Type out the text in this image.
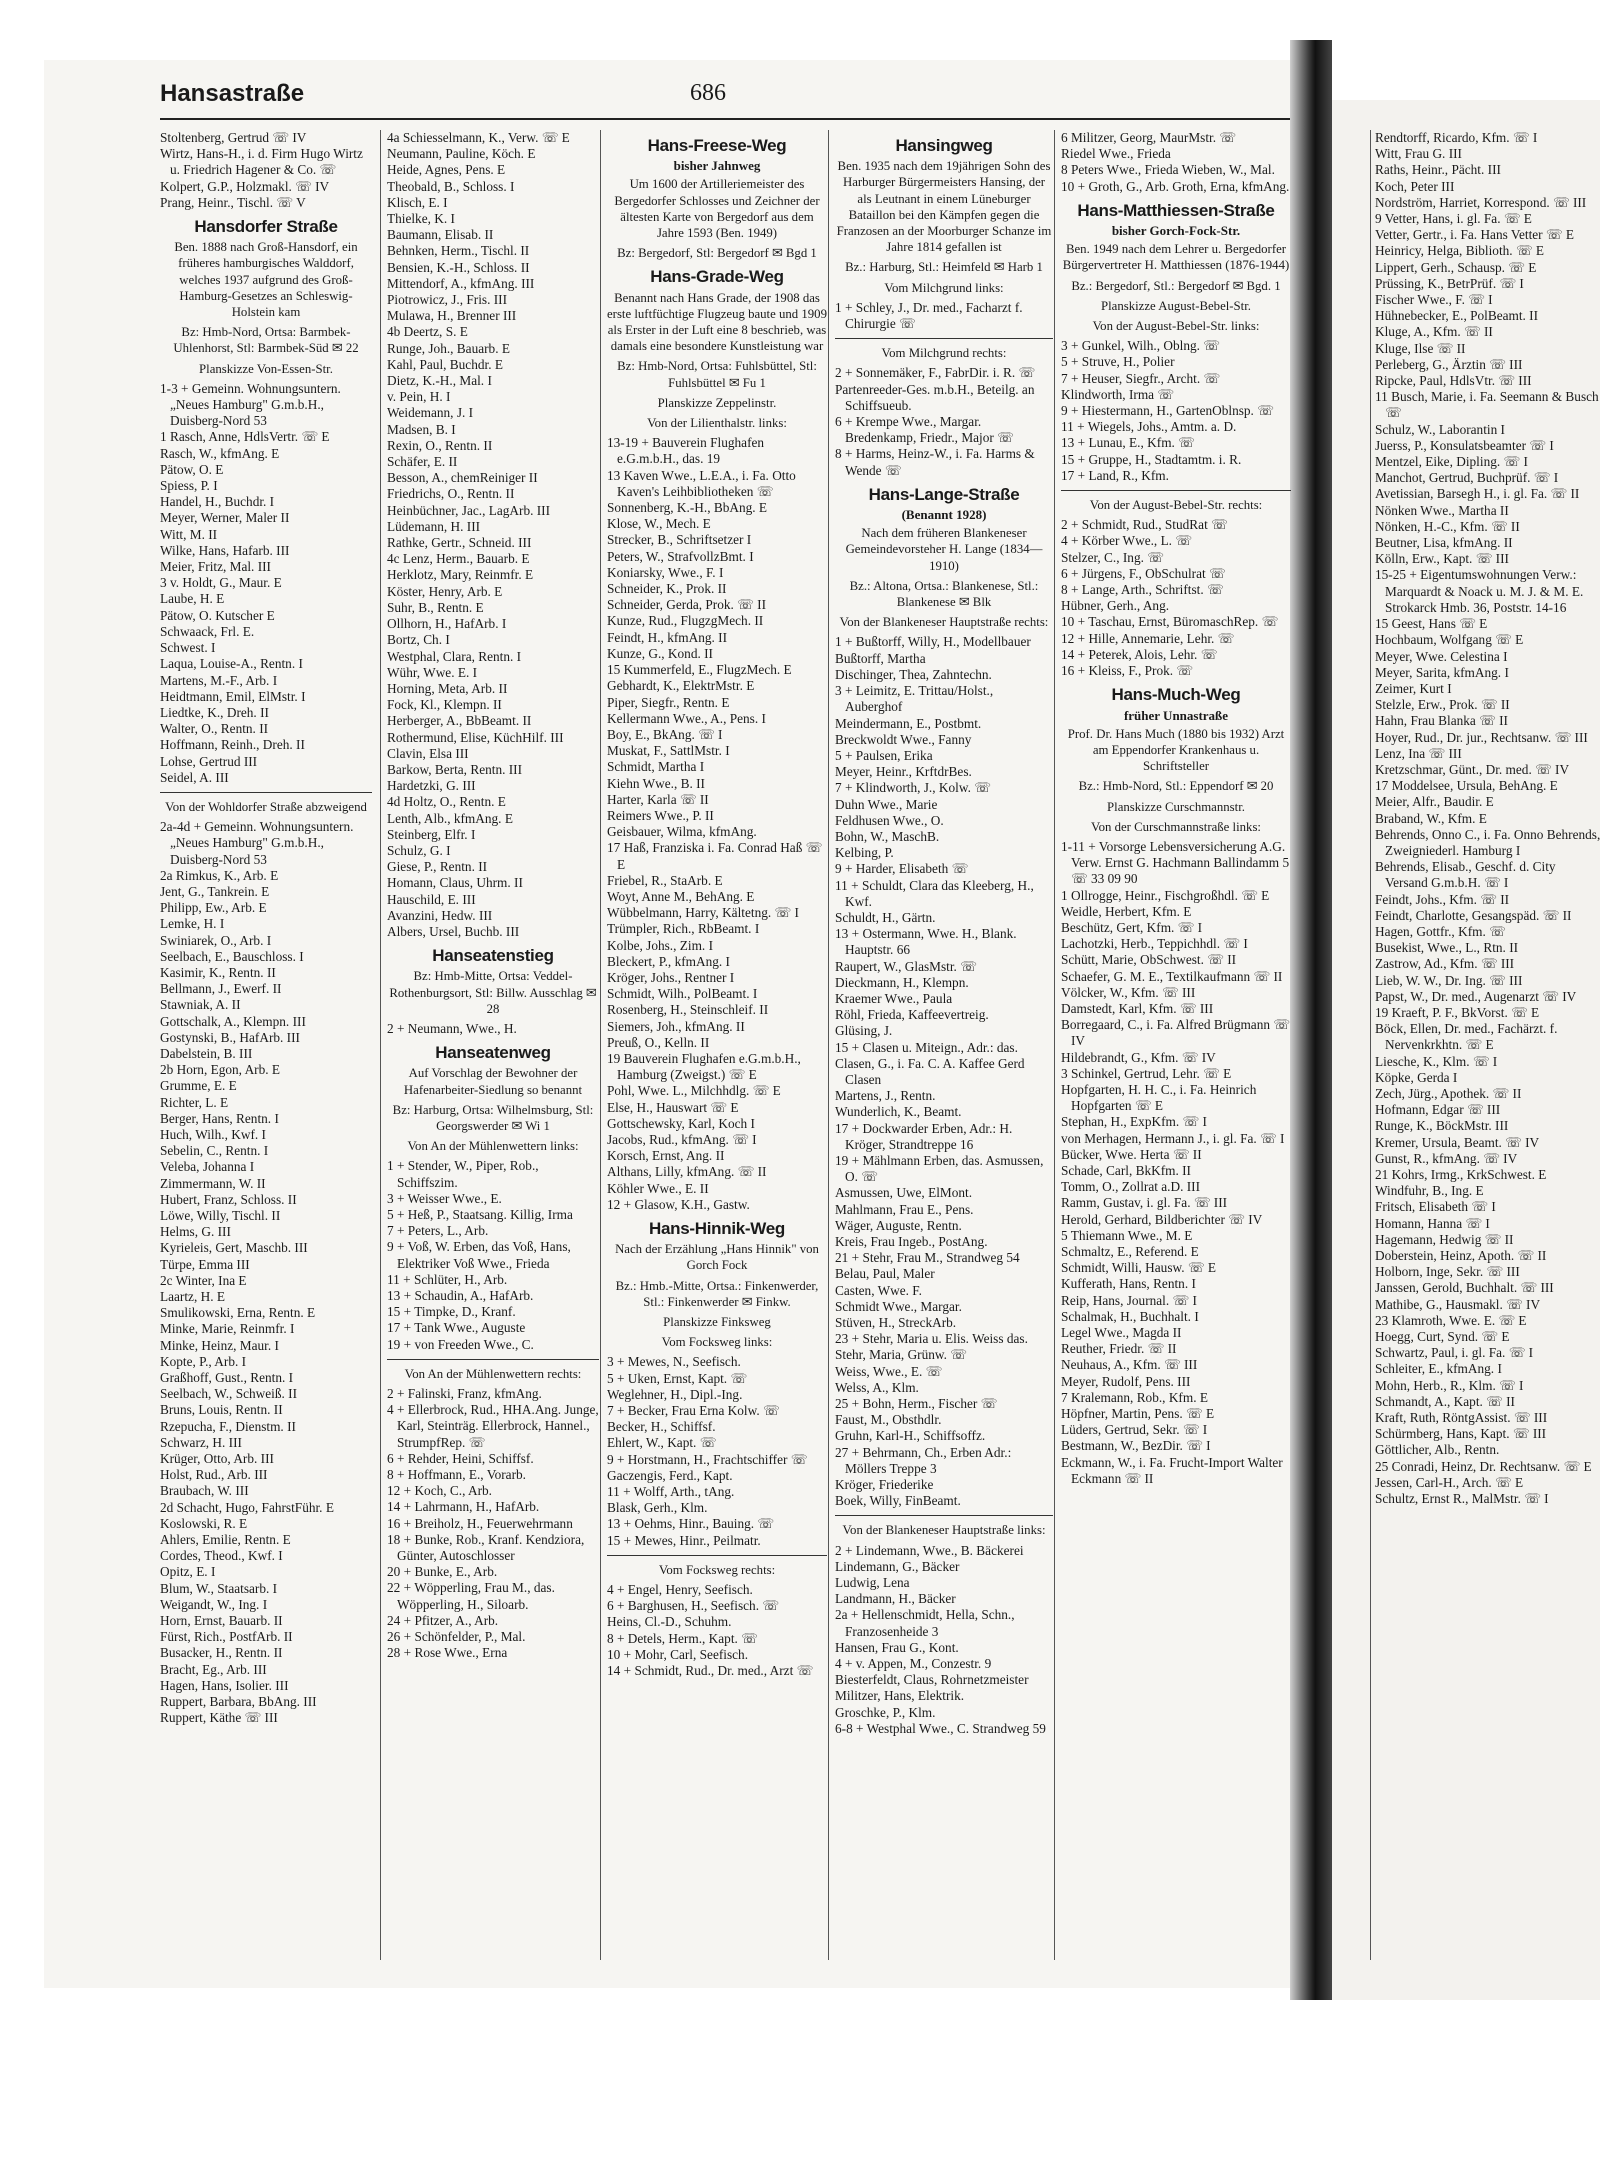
Hansastraße	686
Stoltenberg, Gertrud ☏ IV
Wirtz, Hans-H., i. d. Firm Hugo Wirtz u. Friedrich Hagener & Co. ☏
Kolpert, G.P., Holzmakl. ☏ IV
Prang, Heinr., Tischl. ☏ V
Hansdorfer Straße
Ben. 1888 nach Groß-Hansdorf, ein früheres hamburgisches Walddorf, welches 1937 aufgrund des Groß-Hamburg-Gesetzes an Schleswig-Holstein kam
Bz: Hmb-Nord, Ortsa: Barmbek-Uhlenhorst, Stl: Barmbek-Süd ✉ 22
Planskizze Von-Essen-Str.
1-3 + Gemeinn. Wohnungsuntern. „Neues Hamburg" G.m.b.H., Duisberg-Nord 53
1 Rasch, Anne, HdlsVertr. ☏ E
Rasch, W., kfmAng. E
Pätow, O. E
Spiess, P. I
Handel, H., Buchdr. I
Meyer, Werner, Maler II
Witt, M. II
Wilke, Hans, Hafarb. III
Meier, Fritz, Mal. III
3 v. Holdt, G., Maur. E
Laube, H. E
Pätow, O. Kutscher E
Schwaack, Frl. E.
Schwest. I
Laqua, Louise-A., Rentn. I
Martens, M.-F., Arb. I
Heidtmann, Emil, ElMstr. I
Liedtke, K., Dreh. II
Walter, O., Rentn. II
Hoffmann, Reinh., Dreh. II
Lohse, Gertrud III
Seidel, A. III
Von der Wohldorfer Straße abzweigend
2a-4d + Gemeinn. Wohnungsuntern. „Neues Hamburg" G.m.b.H., Duisberg-Nord 53
2a Rimkus, K., Arb. E
Jent, G., Tankrein. E
Philipp, Ew., Arb. E
Lemke, H. I
Swiniarek, O., Arb. I
Seelbach, E., Bauschloss. I
Kasimir, K., Rentn. II
Bellmann, J., Ewerf. II
Stawniak, A. II
Gottschalk, A., Klempn. III
Gostynski, B., HafArb. III
Dabelstein, B. III
2b Horn, Egon, Arb. E
Grumme, E. E
Richter, L. E
Berger, Hans, Rentn. I
Huch, Wilh., Kwf. I
Sebelin, C., Rentn. I
Veleba, Johanna I
Zimmermann, W. II
Hubert, Franz, Schloss. II
Löwe, Willy, Tischl. II
Helms, G. III
Kyrieleis, Gert, Maschb. III
Türpe, Emma III
2c Winter, Ina E
Laartz, H. E
Smulikowski, Erna, Rentn. E
Minke, Marie, Reinmfr. I
Minke, Heinz, Maur. I
Kopte, P., Arb. I
Graßhoff, Gust., Rentn. I
Seelbach, W., Schweiß. II
Bruns, Louis, Rentn. II
Rzepucha, F., Dienstm. II
Schwarz, H. III
Krüger, Otto, Arb. III
Holst, Rud., Arb. III
Braubach, W. III
2d Schacht, Hugo, FahrstFühr. E
Koslowski, R. E
Ahlers, Emilie, Rentn. E
Cordes, Theod., Kwf. I
Opitz, E. I
Blum, W., Staatsarb. I
Weigandt, W., Ing. I
Horn, Ernst, Bauarb. II
Fürst, Rich., PostfArb. II
Busacker, H., Rentn. II
Bracht, Eg., Arb. III
Hagen, Hans, Isolier. III
Ruppert, Barbara, BbAng. III
Ruppert, Käthe ☏ III
4a Schiesselmann, K., Verw. ☏ E
Neumann, Pauline, Köch. E
Heide, Agnes, Pens. E
Theobald, B., Schloss. I
Klisch, E. I
Thielke, K. I
Baumann, Elisab. II
Behnken, Herm., Tischl. II
Bensien, K.-H., Schloss. II
Mittendorf, A., kfmAng. III
Piotrowicz, J., Fris. III
Mulawa, H., Brenner III
4b Deertz, S. E
Runge, Joh., Bauarb. E
Kahl, Paul, Buchdr. E
Dietz, K.-H., Mal. I
v. Pein, H. I
Weidemann, J. I
Madsen, B. I
Rexin, O., Rentn. II
Schäfer, E. II
Besson, A., chemReiniger II
Friedrichs, O., Rentn. II
Heinbüchner, Jac., LagArb. III
Lüdemann, H. III
Rathke, Gertr., Schneid. III
4c Lenz, Herm., Bauarb. E
Herklotz, Mary, Reinmfr. E
Köster, Henry, Arb. E
Suhr, B., Rentn. E
Ollhorn, H., HafArb. I
Bortz, Ch. I
Westphal, Clara, Rentn. I
Wühr, Wwe. E. I
Horning, Meta, Arb. II
Fock, Kl., Klempn. II
Herberger, A., BbBeamt. II
Rothermund, Elise, KüchHilf. III
Clavin, Elsa III
Barkow, Berta, Rentn. III
Hardetzki, G. III
4d Holtz, O., Rentn. E
Lenth, Alb., kfmAng. E
Steinberg, Elfr. I
Schulz, G. I
Giese, P., Rentn. II
Homann, Claus, Uhrm. II
Hauschild, E. III
Avanzini, Hedw. III
Albers, Ursel, Buchb. III
Hanseatenstieg
Bz: Hmb-Mitte, Ortsa: Veddel-Rothenburgsort, Stl: Billw. Ausschlag ✉ 28
2 + Neumann, Wwe., H.
Hanseatenweg
Auf Vorschlag der Bewohner der Hafenarbeiter-Siedlung so benannt
Bz: Harburg, Ortsa: Wilhelmsburg, Stl: Georgswerder ✉ Wi 1
Von An der Mühlenwettern links:
1 + Stender, W., Piper, Rob., Schiffszim.
3 + Weisser Wwe., E.
5 + Heß, P., Staatsang. Killig, Irma
7 + Peters, L., Arb.
9 + Voß, W. Erben, das Voß, Hans, Elektriker Voß Wwe., Frieda
11 + Schlüter, H., Arb.
13 + Schaudin, A., HafArb.
15 + Timpke, D., Kranf.
17 + Tank Wwe., Auguste
19 + von Freeden Wwe., C.
Von An der Mühlenwettern rechts:
2 + Falinski, Franz, kfmAng.
4 + Ellerbrock, Rud., HHA.Ang. Junge, Karl, Steinträg. Ellerbrock, Hannel., StrumpfRep. ☏
6 + Rehder, Heini, Schiffsf.
8 + Hoffmann, E., Vorarb.
12 + Koch, C., Arb.
14 + Lahrmann, H., HafArb.
16 + Breiholz, H., Feuerwehrmann
18 + Bunke, Rob., Kranf. Kendziora, Günter, Autoschlosser
20 + Bunke, E., Arb.
22 + Wöpperling, Frau M., das. Wöpperling, H., Siloarb.
24 + Pfitzer, A., Arb.
26 + Schönfelder, P., Mal.
28 + Rose Wwe., Erna
Hans-Freese-Weg
bisher Jahnweg
Um 1600 der Artilleriemeister des Bergedorfer Schlosses und Zeichner der ältesten Karte von Bergedorf aus dem Jahre 1593 (Ben. 1949)
Bz: Bergedorf, Stl: Bergedorf ✉ Bgd 1
Hans-Grade-Weg
Benannt nach Hans Grade, der 1908 das erste luftfüchtige Flugzeug baute und 1909 als Erster in der Luft eine 8 beschrieb, was damals eine besondere Kunstleistung war
Bz: Hmb-Nord, Ortsa: Fuhlsbüttel, Stl: Fuhlsbüttel ✉ Fu 1
Planskizze Zeppelinstr.
Von der Lilienthalstr. links:
13-19 + Bauverein Flughafen e.G.m.b.H., das. 19
13 Kaven Wwe., L.E.A., i. Fa. Otto Kaven's Leihbibliotheken ☏
Sonnenberg, K.-H., BbAng. E
Klose, W., Mech. E
Strecker, B., Schriftsetzer I
Peters, W., StrafvollzBmt. I
Koniarsky, Wwe., F. I
Schneider, K., Prok. II
Schneider, Gerda, Prok. ☏ II
Kunze, Rud., FlugzgMech. II
Feindt, H., kfmAng. II
Kunze, G., Kond. II
15 Kummerfeld, E., FlugzMech. E
Gebhardt, K., ElektrMstr. E
Piper, Siegfr., Rentn. E
Kellermann Wwe., A., Pens. I
Boy, E., BkAng. ☏ I
Muskat, F., SattlMstr. I
Schmidt, Martha I
Kiehn Wwe., B. II
Harter, Karla ☏ II
Reimers Wwe., P. II
Geisbauer, Wilma, kfmAng.
17 Haß, Franziska i. Fa. Conrad Haß ☏ E
Friebel, R., StaArb. E
Woyt, Anne M., BehAng. E
Wübbelmann, Harry, Kältetng. ☏ I
Trümpler, Rich., RbBeamt. I
Kolbe, Johs., Zim. I
Bleckert, P., kfmAng. I
Kröger, Johs., Rentner I
Schmidt, Wilh., PolBeamt. I
Rosenberg, H., Steinschleif. II
Siemers, Joh., kfmAng. II
Preuß, O., Kelln. II
19 Bauverein Flughafen e.G.m.b.H., Hamburg (Zweigst.) ☏ E
Pohl, Wwe. L., Milchhdlg. ☏ E
Else, H., Hauswart ☏ E
Gottschewsky, Karl, Koch I
Jacobs, Rud., kfmAng. ☏ I
Korsch, Ernst, Ang. II
Althans, Lilly, kfmAng. ☏ II
Köhler Wwe., E. II
12 + Glasow, K.H., Gastw.
Hans-Hinnik-Weg
Nach der Erzählung „Hans Hinnik" von Gorch Fock
Bz.: Hmb.-Mitte, Ortsa.: Finkenwerder, Stl.: Finkenwerder ✉ Finkw.
Planskizze Finksweg
Vom Focksweg links:
3 + Mewes, N., Seefisch.
5 + Uken, Ernst, Kapt. ☏
Weglehner, H., Dipl.-Ing.
7 + Becker, Frau Erna Kolw. ☏
Becker, H., Schiffsf.
Ehlert, W., Kapt. ☏
9 + Horstmann, H., Frachtschiffer ☏
Gaczengis, Ferd., Kapt.
11 + Wolff, Arth., tAng.
Blask, Gerh., Klm.
13 + Oehms, Hinr., Bauing. ☏
15 + Mewes, Hinr., Peilmatr.
Vom Focksweg rechts:
4 + Engel, Henry, Seefisch.
6 + Barghusen, H., Seefisch. ☏
Heins, Cl.-D., Schuhm.
8 + Detels, Herm., Kapt. ☏
10 + Mohr, Carl, Seefisch.
14 + Schmidt, Rud., Dr. med., Arzt ☏
Hansingweg
Ben. 1935 nach dem 19jährigen Sohn des Harburger Bürgermeisters Hansing, der als Leutnant in einem Lüneburger Bataillon bei den Kämpfen gegen die Franzosen an der Moorburger Schanze im Jahre 1814 gefallen ist
Bz.: Harburg, Stl.: Heimfeld ✉ Harb 1
Vom Milchgrund links:
1 + Schley, J., Dr. med., Facharzt f. Chirurgie ☏
Vom Milchgrund rechts:
2 + Sonnemäker, F., FabrDir. i. R. ☏
Partenreeder-Ges. m.b.H., Beteilg. an Schiffsueub.
6 + Krempe Wwe., Margar. Bredenkamp, Friedr., Major ☏
8 + Harms, Heinz-W., i. Fa. Harms & Wende ☏
Hans-Lange-Straße
(Benannt 1928)
Nach dem früheren Blankeneser Gemeindevorsteher H. Lange (1834—1910)
Bz.: Altona, Ortsa.: Blankenese, Stl.: Blankenese ✉ Blk
Von der Blankeneser Hauptstraße rechts:
1 + Bußtorff, Willy, H., Modellbauer
Bußtorff, Martha
Dischinger, Thea, Zahntechn.
3 + Leimitz, E. Trittau/Holst., Auberghof
Meindermann, E., Postbmt.
Breckwoldt Wwe., Fanny
5 + Paulsen, Erika
Meyer, Heinr., KrftdrBes.
7 + Klindworth, J., Kolw. ☏
Duhn Wwe., Marie
Feldhusen Wwe., O.
Bohn, W., MaschB.
Kelbing, P.
9 + Harder, Elisabeth ☏
11 + Schuldt, Clara das Kleeberg, H., Kwf.
Schuldt, H., Gärtn.
13 + Ostermann, Wwe. H., Blank. Hauptstr. 66
Raupert, W., GlasMstr. ☏
Dieckmann, H., Klempn.
Kraemer Wwe., Paula
Röhl, Frieda, Kaffeevertreig.
Glüsing, J.
15 + Clasen u. Miteign., Adr.: das.
Clasen, G., i. Fa. C. A. Kaffee Gerd Clasen
Martens, J., Rentn.
Wunderlich, K., Beamt.
17 + Dockwarder Erben, Adr.: H. Kröger, Strandtreppe 16
19 + Mählmann Erben, das. Asmussen, O. ☏
Asmussen, Uwe, ElMont.
Mahlmann, Frau E., Pens.
Wäger, Auguste, Rentn.
Kreis, Frau Ingeb., PostAng.
21 + Stehr, Frau M., Strandweg 54
Belau, Paul, Maler
Casten, Wwe. F.
Schmidt Wwe., Margar.
Stüven, H., StreckArb.
23 + Stehr, Maria u. Elis. Weiss das.
Stehr, Maria, Grünw. ☏
Weiss, Wwe., E. ☏
Welss, A., Klm.
25 + Bohn, Herm., Fischer ☏
Faust, M., Obsthdlr.
Gruhn, Karl-H., Schiffsoffz.
27 + Behrmann, Ch., Erben Adr.: Möllers Treppe 3
Kröger, Friederike
Boek, Willy, FinBeamt.
Von der Blankeneser Hauptstraße links:
2 + Lindemann, Wwe., B. Bäckerei
Lindemann, G., Bäcker
Ludwig, Lena
Landmann, H., Bäcker
2a + Hellenschmidt, Hella, Schn., Franzosenheide 3
Hansen, Frau G., Kont.
4 + v. Appen, M., Conzestr. 9
Biesterfeldt, Claus, Rohrnetzmeister
Militzer, Hans, Elektrik.
Groschke, P., Klm.
6-8 + Westphal Wwe., C. Strandweg 59
6 Militzer, Georg, MaurMstr. ☏
Riedel Wwe., Frieda
8 Peters Wwe., Frieda Wieben, W., Mal.
10 + Groth, G., Arb. Groth, Erna, kfmAng.
Hans-Matthiessen-Straße
bisher Gorch-Fock-Str.
Ben. 1949 nach dem Lehrer u. Bergedorfer Bürgervertreter H. Matthiessen (1876-1944)
Bz.: Bergedorf, Stl.: Bergedorf ✉ Bgd. 1
Planskizze August-Bebel-Str.
Von der August-Bebel-Str. links:
3 + Gunkel, Wilh., Oblng. ☏
5 + Struve, H., Polier
7 + Heuser, Siegfr., Archt. ☏
Klindworth, Irma ☏
9 + Hiestermann, H., GartenOblnsp. ☏
11 + Wiegels, Johs., Amtm. a. D.
13 + Lunau, E., Kfm. ☏
15 + Gruppe, H., Stadtamtm. i. R.
17 + Land, R., Kfm.
Von der August-Bebel-Str. rechts:
2 + Schmidt, Rud., StudRat ☏
4 + Körber Wwe., L. ☏
Stelzer, C., Ing. ☏
6 + Jürgens, F., ObSchulrat ☏
8 + Lange, Arth., Schriftst. ☏
Hübner, Gerh., Ang.
10 + Taschau, Ernst, BüromaschRep. ☏
12 + Hille, Annemarie, Lehr. ☏
14 + Peterek, Alois, Lehr. ☏
16 + Kleiss, F., Prok. ☏
Hans-Much-Weg
früher Unnastraße
Prof. Dr. Hans Much (1880 bis 1932) Arzt am Eppendorfer Krankenhaus u. Schriftsteller
Bz.: Hmb-Nord, Stl.: Eppendorf ✉ 20
Planskizze Curschmannstr.
Von der Curschmannstraße links:
1-11 + Vorsorge Lebensversicherung A.G. Verw. Ernst G. Hachmann Ballindamm 5 ☏ 33 09 90
1 Ollrogge, Heinr., Fischgroßhdl. ☏ E
Weidle, Herbert, Kfm. E
Beschütz, Gert, Kfm. ☏ I
Lachotzki, Herb., Teppichhdl. ☏ I
Schütt, Marie, ObSchwest. ☏ II
Schaefer, G. M. E., Textilkaufmann ☏ II
Völcker, W., Kfm. ☏ III
Damstedt, Karl, Kfm. ☏ III
Borregaard, C., i. Fa. Alfred Brügmann ☏ IV
Hildebrandt, G., Kfm. ☏ IV
3 Schinkel, Gertrud, Lehr. ☏ E
Hopfgarten, H. H. C., i. Fa. Heinrich Hopfgarten ☏ E
Stephan, H., ExpKfm. ☏ I
von Merhagen, Hermann J., i. gl. Fa. ☏ I
Bücker, Wwe. Herta ☏ II
Schade, Carl, BkKfm. II
Tomm, O., Zollrat a.D. III
Ramm, Gustav, i. gl. Fa. ☏ III
Herold, Gerhard, Bildberichter ☏ IV
5 Thiemann Wwe., M. E
Schmaltz, E., Referend. E
Schmidt, Willi, Hausw. ☏ E
Kufferath, Hans, Rentn. I
Reip, Hans, Journal. ☏ I
Schalmak, H., Buchhalt. I
Legel Wwe., Magda II
Reuther, Friedr. ☏ II
Neuhaus, A., Kfm. ☏ III
Meyer, Rudolf, Pens. III
7 Kralemann, Rob., Kfm. E
Höpfner, Martin, Pens. ☏ E
Lüders, Gertrud, Sekr. ☏ I
Bestmann, W., BezDir. ☏ I
Eckmann, W., i. Fa. Frucht-Import Walter Eckmann ☏ II
Rendtorff, Ricardo, Kfm. ☏ I
Witt, Frau G. III
Raths, Heinr., Pächt. III
Koch, Peter III
Nordström, Harriet, Korrespond. ☏ III
9 Vetter, Hans, i. gl. Fa. ☏ E
Vetter, Gertr., i. Fa. Hans Vetter ☏ E
Heinricy, Helga, Biblioth. ☏ E
Lippert, Gerh., Schausp. ☏ E
Prüssing, K., BetrPrüf. ☏ I
Fischer Wwe., F. ☏ I
Hühnebecker, E., PolBeamt. II
Kluge, A., Kfm. ☏ II
Kluge, Ilse ☏ II
Perleberg, G., Ärztin ☏ III
Ripcke, Paul, HdlsVtr. ☏ III
11 Busch, Marie, i. Fa. Seemann & Busch ☏
Schulz, W., Laborantin I
Juerss, P., Konsulatsbeamter ☏ I
Mentzel, Eike, Dipling. ☏ I
Manchot, Gertrud, Buchprüf. ☏ I
Avetissian, Barsegh H., i. gl. Fa. ☏ II
Nönken Wwe., Martha II
Nönken, H.-C., Kfm. ☏ II
Beutner, Lisa, kfmAng. II
Kölln, Erw., Kapt. ☏ III
15-25 + Eigentumswohnungen Verw.: Marquardt & Noack u. M. J. & M. E. Strokarck Hmb. 36, Poststr. 14-16
15 Geest, Hans ☏ E
Hochbaum, Wolfgang ☏ E
Meyer, Wwe. Celestina I
Meyer, Sarita, kfmAng. I
Zeimer, Kurt I
Stelzle, Erw., Prok. ☏ II
Hahn, Frau Blanka ☏ II
Hoyer, Rud., Dr. jur., Rechtsanw. ☏ III
Lenz, Ina ☏ III
Kretzschmar, Günt., Dr. med. ☏ IV
17 Moddelsee, Ursula, BehAng. E
Meier, Alfr., Baudir. E
Braband, W., Kfm. E
Behrends, Onno C., i. Fa. Onno Behrends, Zweigniederl. Hamburg I
Behrends, Elisab., Geschf. d. City Versand G.m.b.H. ☏ I
Feindt, Johs., Kfm. ☏ II
Feindt, Charlotte, Gesangspäd. ☏ II
Hagen, Gottfr., Kfm. ☏
Busekist, Wwe., L., Rtn. II
Zastrow, Ad., Kfm. ☏ III
Lieb, W. W., Dr. Ing. ☏ III
Papst, W., Dr. med., Augenarzt ☏ IV
19 Kraeft, P. F., BkVorst. ☏ E
Böck, Ellen, Dr. med., Fachärzt. f. Nervenkrkhtn. ☏ E
Liesche, K., Klm. ☏ I
Köpke, Gerda I
Zech, Jürg., Apothek. ☏ II
Hofmann, Edgar ☏ III
Runge, K., BöckMstr. III
Kremer, Ursula, Beamt. ☏ IV
Gunst, R., kfmAng. ☏ IV
21 Kohrs, Irmg., KrkSchwest. E
Windfuhr, B., Ing. E
Fritsch, Elisabeth ☏ I
Homann, Hanna ☏ I
Hagemann, Hedwig ☏ II
Doberstein, Heinz, Apoth. ☏ II
Holborn, Inge, Sekr. ☏ III
Janssen, Gerold, Buchhalt. ☏ III
Mathibe, G., Hausmakl. ☏ IV
23 Klamroth, Wwe. E. ☏ E
Hoegg, Curt, Synd. ☏ E
Schwartz, Paul, i. gl. Fa. ☏ I
Schleiter, E., kfmAng. I
Mohn, Herb., R., Klm. ☏ I
Schmandt, A., Kapt. ☏ II
Kraft, Ruth, RöntgAssist. ☏ III
Schürmberg, Hans, Kapt. ☏ III
Göttlicher, Alb., Rentn.
25 Conradi, Heinz, Dr. Rechtsanw. ☏ E
Jessen, Carl-H., Arch. ☏ E
Schultz, Ernst R., MalMstr. ☏ I
